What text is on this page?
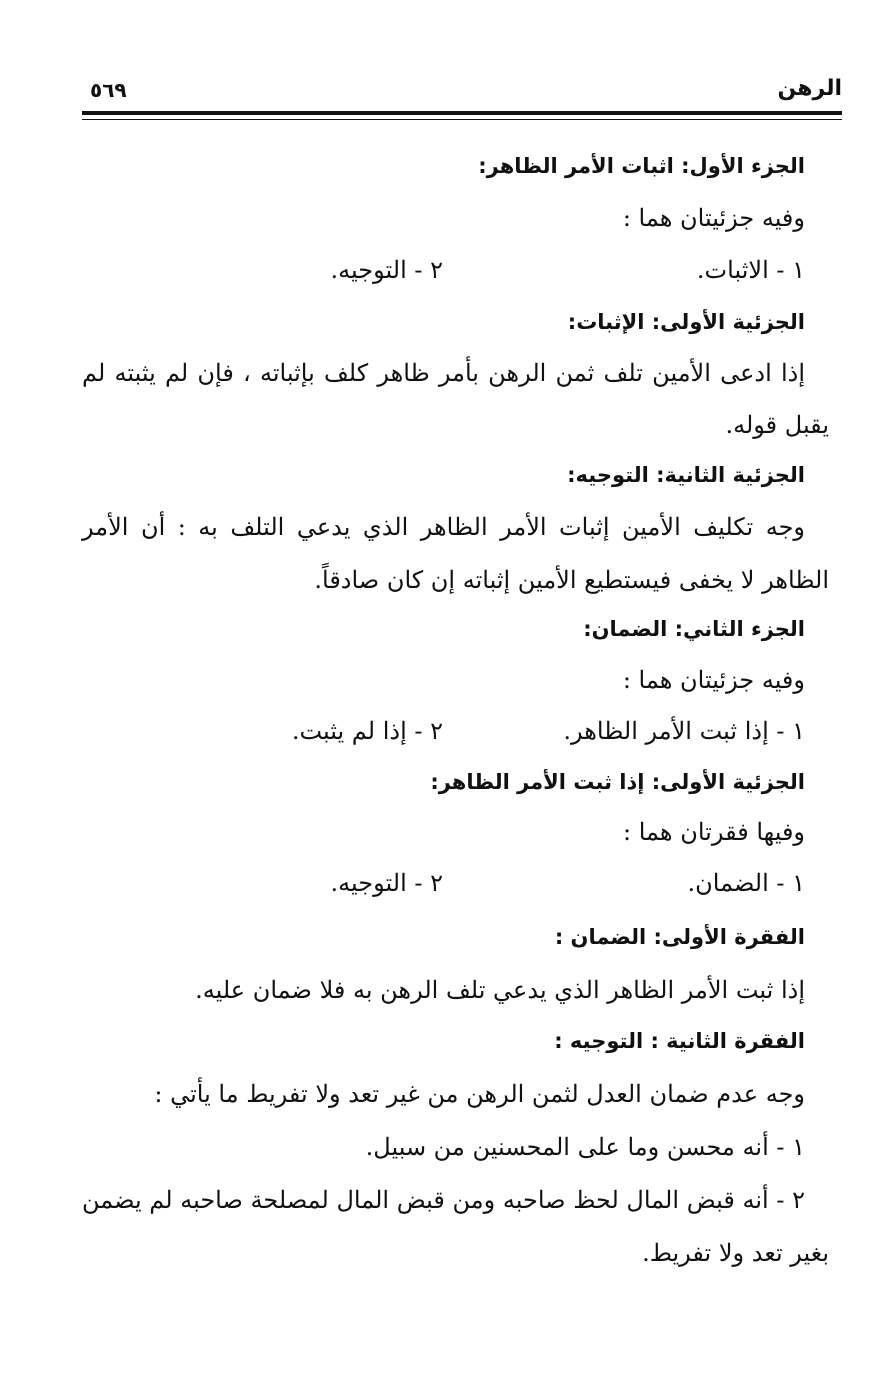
الرهن
٥٦٩
الجزء الأول: اثبات الأمر الظاهر:
وفيه جزئيتان هما :
١ - الاثبات.
٢ - التوجيه.
الجزئية الأولى: الإثبات:
إذا ادعى الأمين تلف ثمن الرهن بأمر ظاهر كلف بإثباته ، فإن لم يثبته لم
يقبل قوله.
الجزئية الثانية: التوجيه:
وجه تكليف الأمين إثبات الأمر الظاهر الذي يدعي التلف به : أن الأمر
الظاهر لا يخفى فيستطيع الأمين إثباته إن كان صادقاً.
الجزء الثاني: الضمان:
وفيه جزئيتان هما :
١ - إذا ثبت الأمر الظاهر.
٢ - إذا لم يثبت.
الجزئية الأولى: إذا ثبت الأمر الظاهر:
وفيها فقرتان هما :
١ - الضمان.
٢ - التوجيه.
الفقرة الأولى: الضمان :
إذا ثبت الأمر الظاهر الذي يدعي تلف الرهن به فلا ضمان عليه.
الفقرة الثانية : التوجيه :
وجه عدم ضمان العدل لثمن الرهن من غير تعد ولا تفريط ما يأتي :
١ - أنه محسن وما على المحسنين من سبيل.
٢ - أنه قبض المال لحظ صاحبه ومن قبض المال لمصلحة صاحبه لم يضمن
بغير تعد ولا تفريط.
